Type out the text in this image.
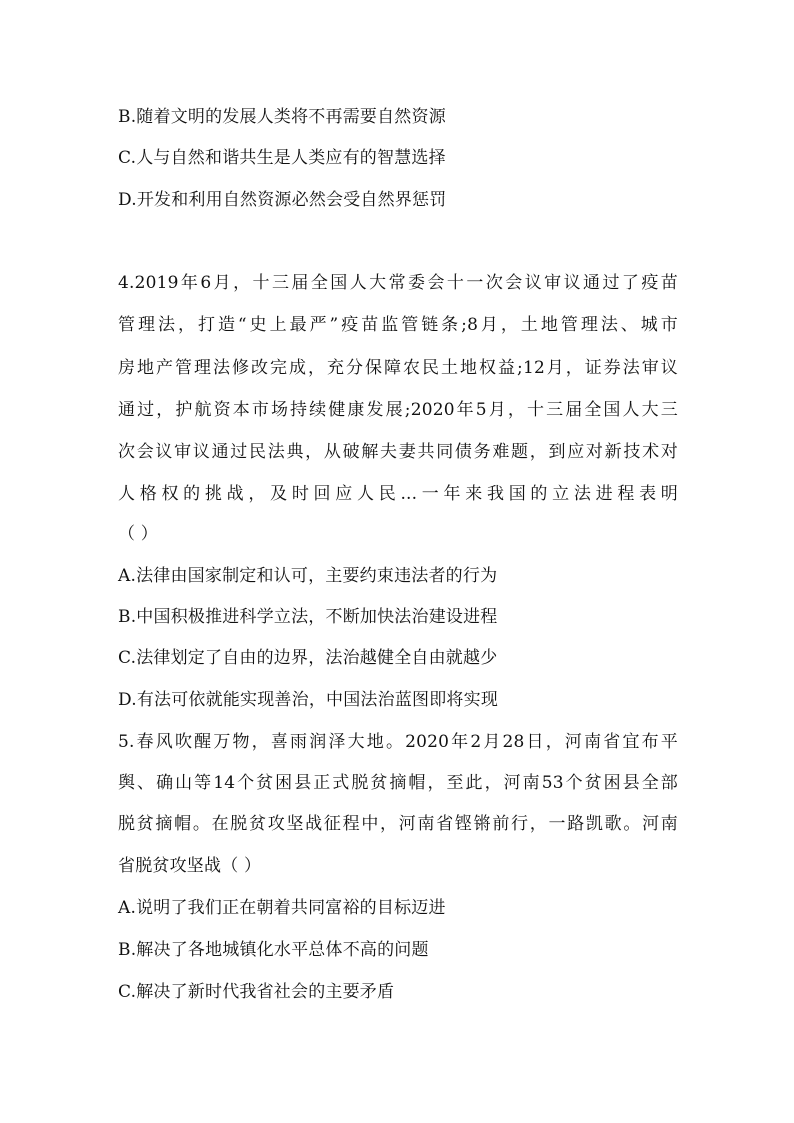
B.随着文明的发展人类将不再需要自然资源
C.人与自然和谐共生是人类应有的智慧选择
D.开发和利用自然资源必然会受自然界惩罚
4.2019年6月，十三届全国人大常委会十一次会议审议通过了疫苗
管理法，打造“史上最严”疫苗监管链条;8月，土地管理法、城市
房地产管理法修改完成，充分保障农民土地权益;12月，证券法审议
通过，护航资本市场持续健康发展;2020年5月，十三届全国人大三
次会议审议通过民法典，从破解夫妻共同债务难题，到应对新技术对
人格权的挑战，及时回应人民...一年来我国的立法进程表明
（ ）
A.法律由国家制定和认可，主要约束违法者的行为
B.中国积极推进科学立法，不断加快法治建设进程
C.法律划定了自由的边界，法治越健全自由就越少
D.有法可依就能实现善治，中国法治蓝图即将实现
5.春风吹醒万物，喜雨润泽大地。2020年2月28日，河南省宜布平
舆、确山等14个贫困县正式脱贫摘帽，至此，河南53个贫困县全部
脱贫摘帽。在脱贫攻坚战征程中，河南省铿锵前行，一路凯歌。河南
省脱贫攻坚战（ ）
A.说明了我们正在朝着共同富裕的目标迈进
B.解决了各地城镇化水平总体不高的问题
C.解决了新时代我省社会的主要矛盾
